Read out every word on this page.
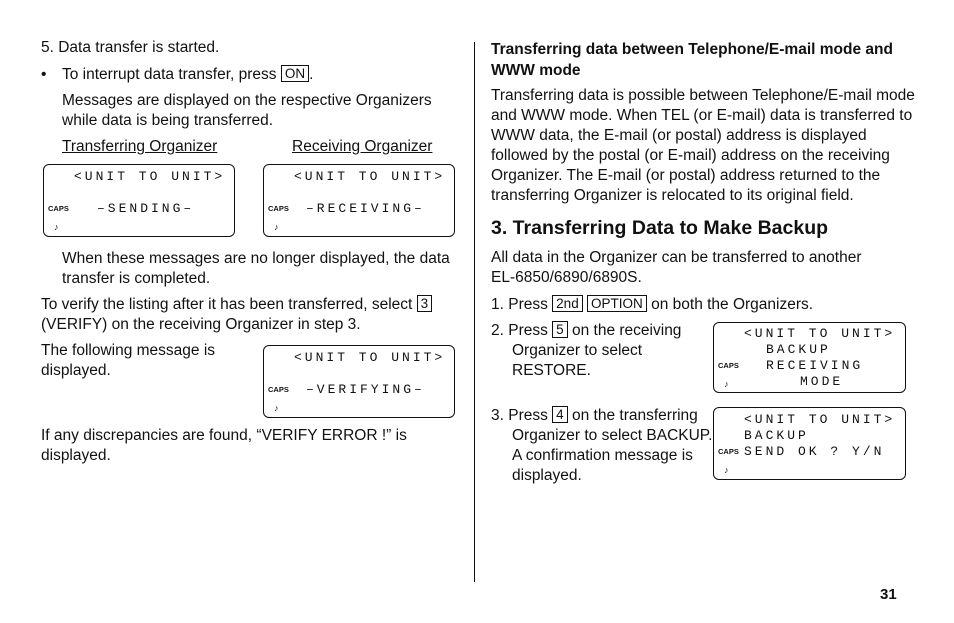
5. Data transfer is started.

• To interrupt data transfer, press ON .

Messages are displayed on the respective Organizers

while data is being transferred.

Transferring Organizer	Receiving Organizer

<UNIT TO UNIT>
CAPS –SENDING–
♪
<UNIT TO UNIT>
CAPS –RECEIVING–
♪

When these messages are no longer displayed, the data

transfer is completed.

To verify the listing after it has been transferred, select 3

(VERIFY) on the receiving Organizer in step 3.

The following message is

displayed.

<UNIT TO UNIT>
CAPS –VERIFYING–
♪

If any discrepancies are found, “VERIFY ERROR !” is

displayed.

Transferring data between Telephone/E-mail mode and
WWW mode

Transferring data is possible between Telephone/E-mail mode

and WWW mode. When TEL (or E-mail) data is transferred to

WWW data, the E-mail (or postal) address is displayed

followed by the postal (or E-mail) address on the receiving

Organizer. The E-mail (or postal) address returned to the

transferring Organizer is relocated to its original field.

3. Transferring Data to Make Backup

All data in the Organizer can be transferred to another

EL-6850/6890/6890S.

1. Press 2nd OPTION on both the Organizers.

2. Press 5 on the receiving

Organizer to select

RESTORE.

<UNIT TO UNIT>
BACKUP
CAPS RECEIVING
MODE
♪

3. Press 4 on the transferring

Organizer to select BACKUP.

A confirmation message is

displayed.

<UNIT TO UNIT>
BACKUP
CAPS SEND OK ? Y/N
♪

31
